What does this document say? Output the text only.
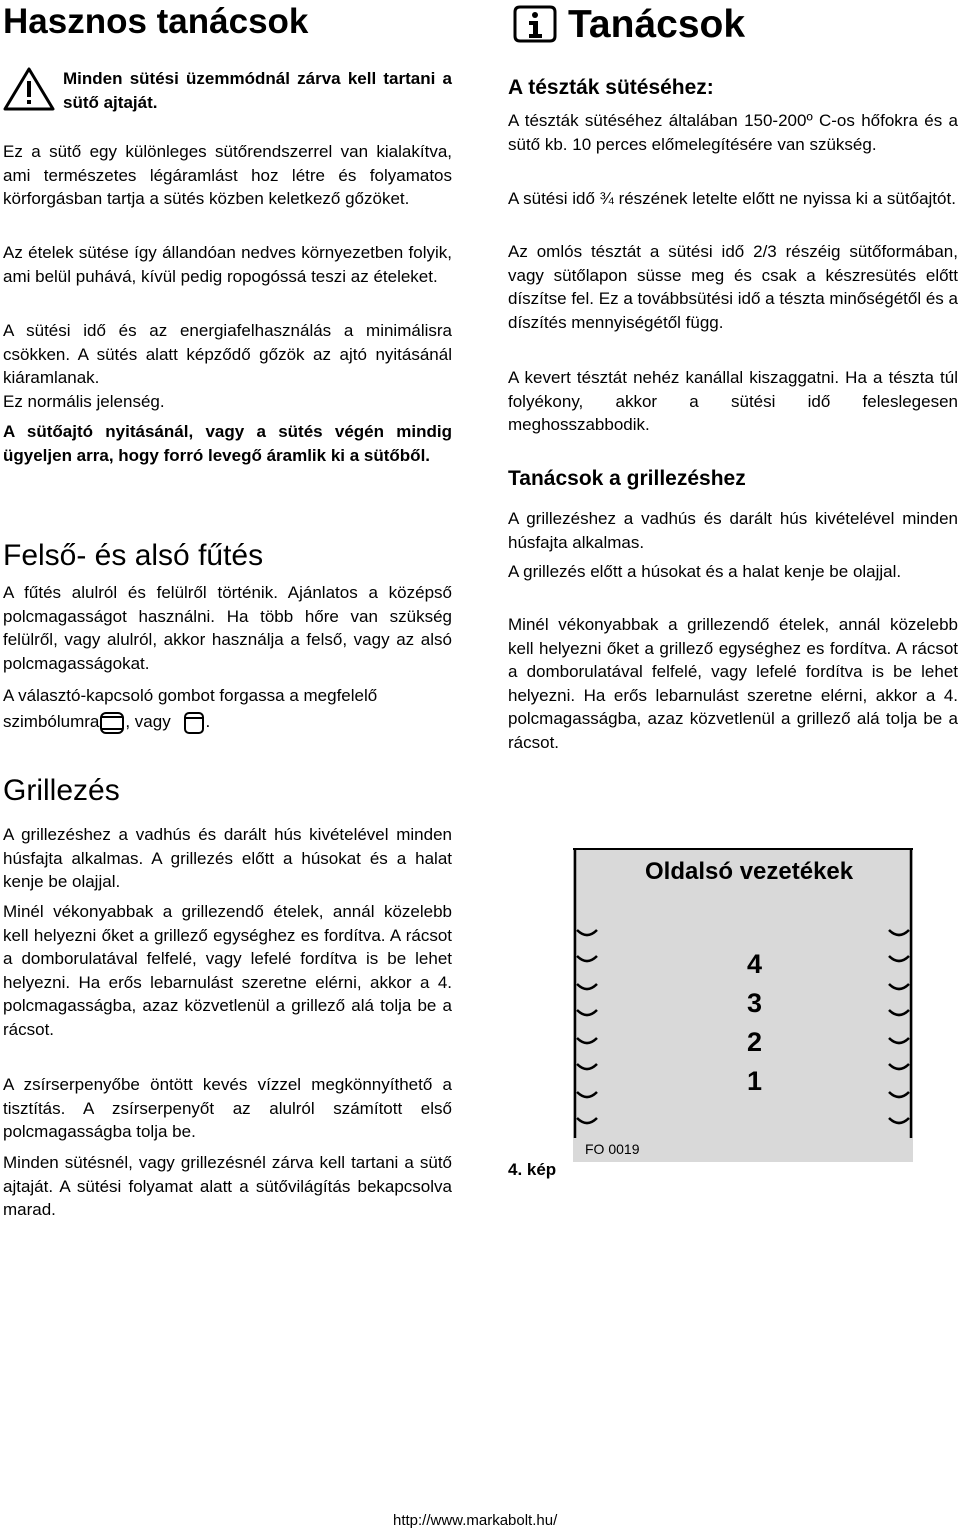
Hasznos tanácsok

Minden sütési üzemmódnál zárva kell tartani a sütő ajtaját.

Ez a sütő egy különleges sütőrendszerrel van kialakítva, ami természetes légáramlást hoz létre és folyamatos körforgásban tartja a sütés közben keletkező gőzöket.

Az ételek sütése így állandóan nedves környezetben folyik, ami belül puhává, kívül pedig ropogóssá teszi az ételeket.

A sütési idő és az energiafelhasználás a minimálisra csökken. A sütés alatt képződő gőzök az ajtó nyitásánál kiáramlanak.

Ez normális jelenség.

A sütőajtó nyitásánál, vagy a sütés végén mindig ügyeljen arra, hogy forró levegő áramlik ki a sütőből.

Felső- és alsó fűtés

A fűtés alulról és felülről történik. Ajánlatos a középső polcmagasságot használni. Ha több hőre van szükség felülről, vagy alulról, akkor használja a felső, vagy az alsó polcmagasságokat.

A választó-kapcsoló gombot forgassa a megfelelő

szimbólumra , vagy .

Grillezés

A grillezéshez a vadhús és darált hús kivételével minden húsfajta alkalmas. A grillezés előtt a húsokat és a halat kenje be olajjal.

Minél vékonyabbak a grillezendő ételek, annál közelebb kell helyezni őket a grillező egységhez es fordítva. A rácsot a domborulatával felfelé, vagy lefelé fordítva is be lehet helyezni. Ha erős lebarnulást szeretne elérni, akkor a 4. polcmagasságba, azaz közvetlenül a grillező alá tolja be a rácsot.

A zsírserpenyőbe öntött kevés vízzel megkönnyíthető a tisztítás. A zsírserpenyőt az alulról számított első polcmagasságba tolja be.

Minden sütésnél, vagy grillezésnél zárva kell tartani a sütő ajtaját. A sütési folyamat alatt a sütővilágítás bekapcsolva marad.

Tanácsok
A tészták sütéséhez:

A tészták sütéséhez általában 150-200º C-os hőfokra és a sütő kb. 10 perces előmelegítésére van szükség.

A sütési idő ¾ részének letelte előtt ne nyissa ki a sütőajtót.

Az omlós tésztát a sütési idő 2/3 részéig sütőformában, vagy sütőlapon süsse meg és csak a készresütés előtt díszítse fel. Ez a továbbsütési idő a tészta minőségétől és a díszítés mennyiségétől függ.

A kevert tésztát nehéz kanállal kiszaggatni. Ha a tészta túl folyékony, akkor a sütési idő feleslegesen meghosszabbodik.

Tanácsok a grillezéshez

A grillezéshez a vadhús és darált hús kivételével minden húsfajta alkalmas.

A grillezés előtt a húsokat és a halat kenje be olajjal.

Minél vékonyabbak a grillezendő ételek, annál közelebb kell helyezni őket a grillező egységhez es fordítva. A rácsot a domborulatával felfelé, vagy lefelé fordítva is be lehet helyezni. Ha erős lebarnulást szeretne elérni, akkor a 4. polcmagasságba, azaz közvetlenül a grillező alá tolja be a rácsot.

Oldalsó vezetékek
4
3
2
1
FO 0019
4. kép
http://www.markabolt.hu/
